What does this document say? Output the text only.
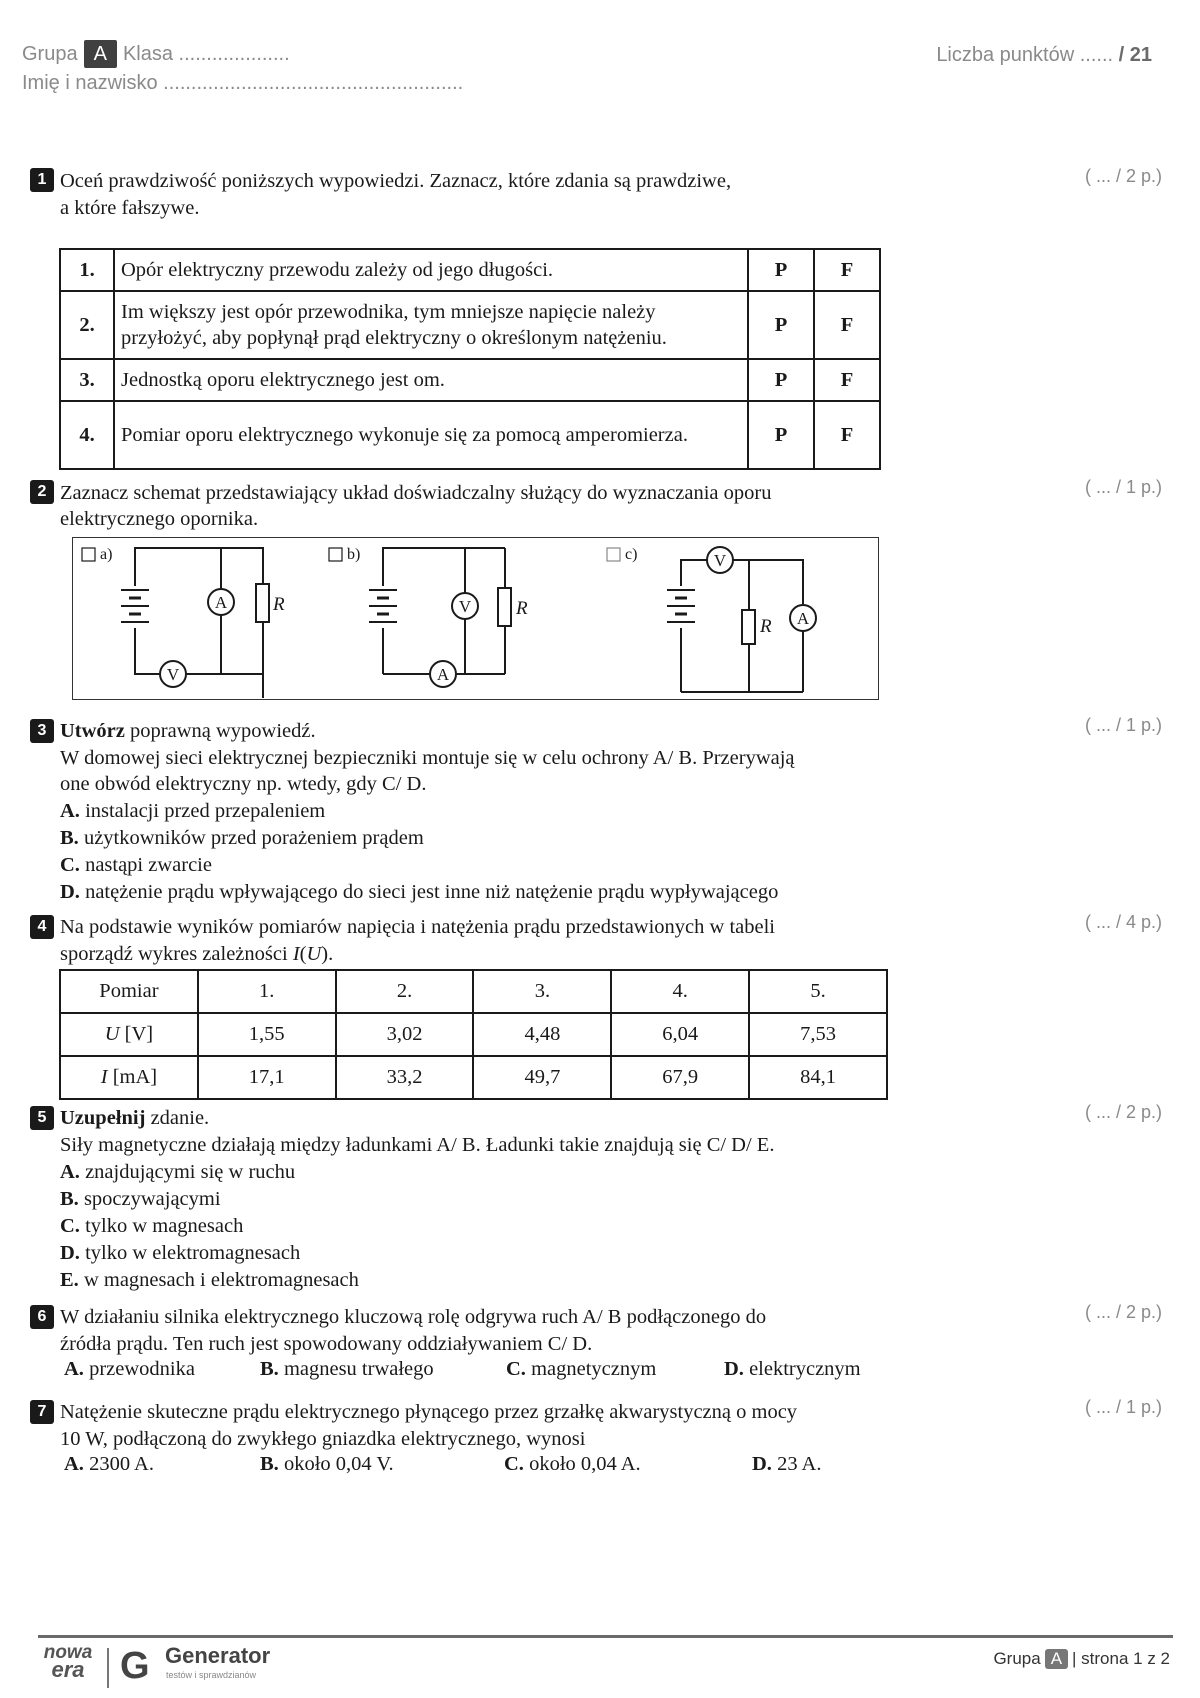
Grupa A Klasa ....................
Imię i nazwisko ......................................................
Liczba punktów ...... / 21
1 Oceń prawdziwość poniższych wypowiedzi. Zaznacz, które zdania są prawdziwe,
a które fałszywe.
( ... / 2 p.)
1.	Opór elektryczny przewodu zależy od jego długości.	P	F
2.	Im większy jest opór przewodnika, tym mniejsze napięcie należy przyłożyć, aby popłynął prąd elektryczny o określonym natężeniu.	P	F
3.	Jednostką oporu elektrycznego jest om.	P	F
4.	Pomiar oporu elektrycznego wykonuje się za pomocą amperomierza.	P	F
2 Zaznacz schemat przedstawiający układ doświadczalny służący do wyznaczania oporu
elektrycznego opornika.
( ... / 1 p.)
a)	b)	c)
A
V
R	V
A
R
V
A
R
3 Utwórz poprawną wypowiedź.	( ... / 1 p.)
W domowej sieci elektrycznej bezpieczniki montuje się w celu ochrony A/ B. Przerywają
one obwód elektryczny np. wtedy, gdy C/ D.
A. instalacji przed przepaleniem
B. użytkowników przed porażeniem prądem
C. nastąpi zwarcie
D. natężenie prądu wpływającego do sieci jest inne niż natężenie prądu wypływającego
4 Na podstawie wyników pomiarów napięcia i natężenia prądu przedstawionych w tabeli
sporządź wykres zależności I(U).
( ... / 4 p.)
Pomiar	1.	2.	3.	4.	5.
U [V]	1,55	3,02	4,48	6,04	7,53
I [mA]	17,1	33,2	49,7	67,9	84,1
5 Uzupełnij zdanie.	( ... / 2 p.)
Siły magnetyczne działają między ładunkami A/ B. Ładunki takie znajdują się C/ D/ E.
A. znajdującymi się w ruchu
B. spoczywającymi
C. tylko w magnesach
D. tylko w elektromagnesach
E. w magnesach i elektromagnesach
6 W działaniu silnika elektrycznego kluczową rolę odgrywa ruch A/ B podłączonego do
źródła prądu. Ten ruch jest spowodowany oddziaływaniem C/ D.
( ... / 2 p.)
A. przewodnika	B. magnesu trwałego	C. magnetycznym	D. elektrycznym
7 Natężenie skuteczne prądu elektrycznego płynącego przez grzałkę akwarystyczną o mocy
10 W, podłączoną do zwykłego gniazdka elektrycznego, wynosi
( ... / 1 p.)
A. 2300 A.	B. około 0,04 V.	C. około 0,04 A.	D. 23 A.
nowa
era G Generator
testów i sprawdzianów
Grupa A | strona 1 z 2
